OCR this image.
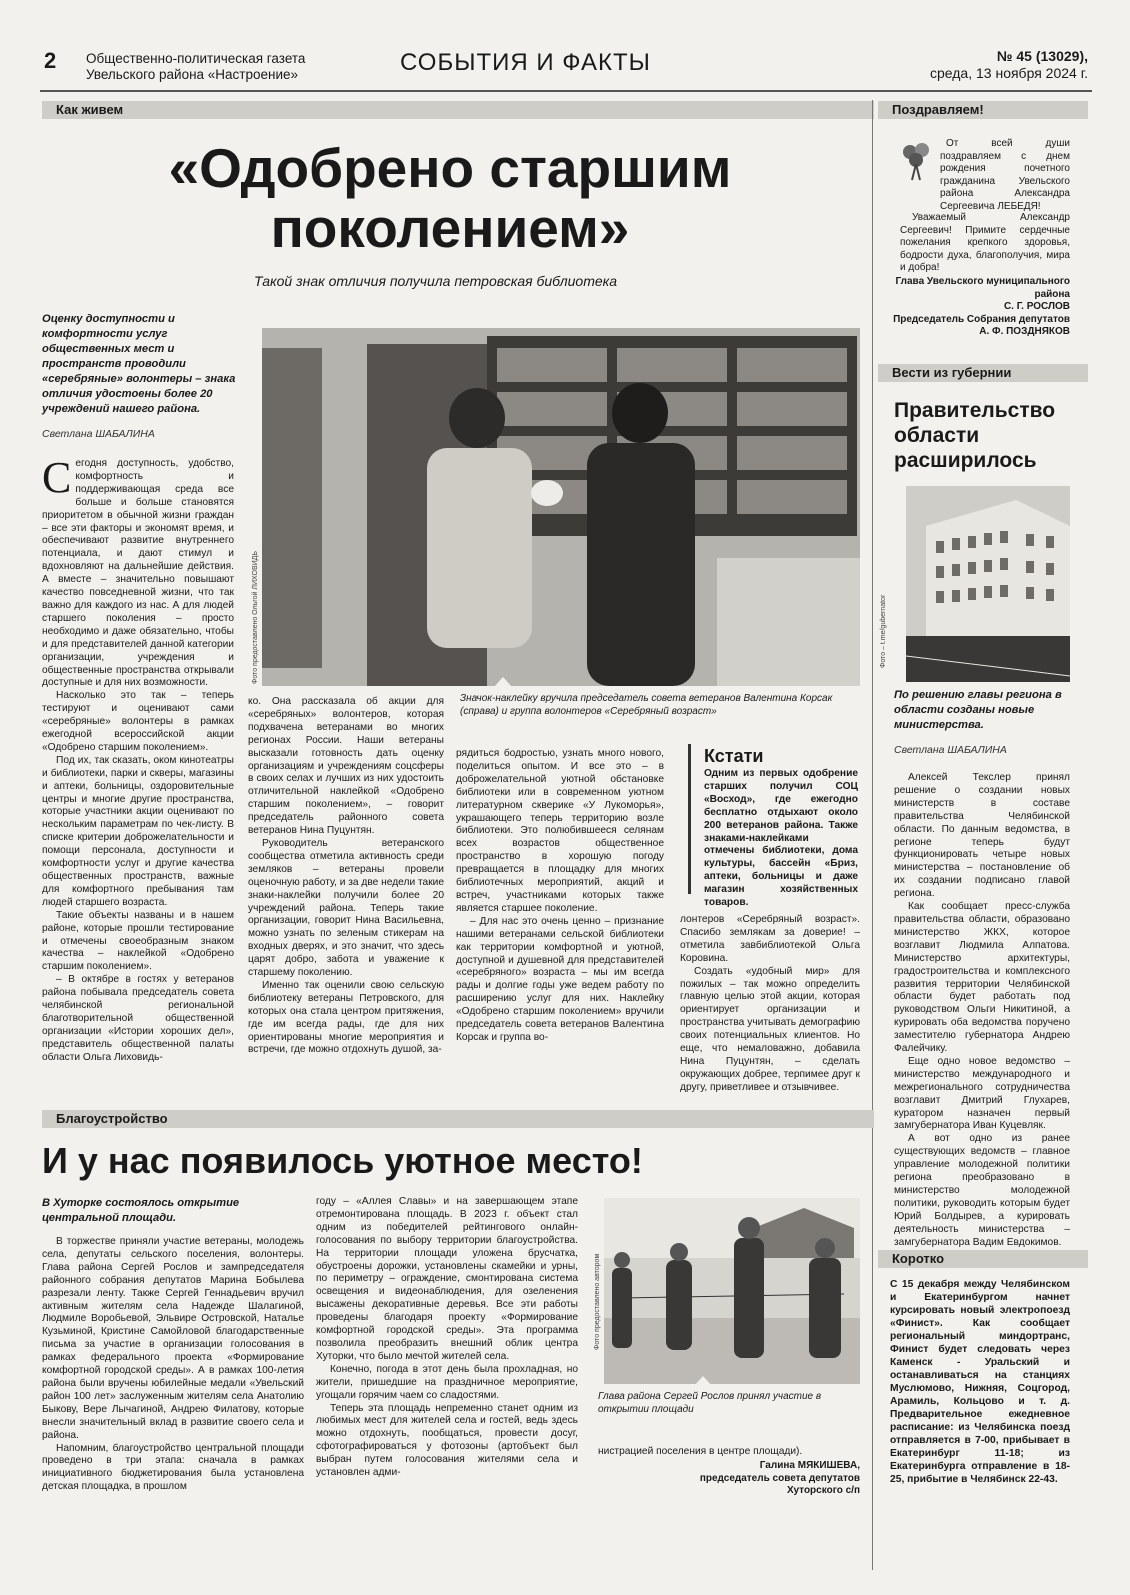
2 Общественно-политическая газета
Увельского района «Настроение»	СОБЫТИЯ И ФАКТЫ	№ 45 (13029),
среда, 13 ноября 2024 г.
Как живем
«Одобрено старшим
поколением»
Такой знак отличия получила петровская библиотека
Оценку доступности и комфортности услуг общественных мест и пространств проводили «серебряные» волонтеры – знака отличия удостоены более 20 учреждений нашего района.
Светлана ШАБАЛИНА
Фото предоставлено Ольгой ЛИХОВИДЬ
Значок-наклейку вручила председатель совета ветеранов Валентина Корсак (справа) и группа волонтеров «Серебряный возраст»

Сегодня доступность, удобство, комфортность и поддерживающая среда все больше и больше становятся приоритетом в обычной жизни граждан – все эти факторы и экономят время, и обеспечивают развитие внутреннего потенциала, и дают стимул и вдохновляют на дальнейшие действия. А вместе – значительно повышают качество повседневной жизни, что так важно для каждого из нас. А для людей старшего поколения – просто необходимо и даже обязательно, чтобы и для представителей данной категории организации, учреждения и общественные пространства открывали доступные и для них возможности.

Насколько это так – теперь тестируют и оценивают сами «серебряные» волонтеры в рамках ежегодной всероссийской акции «Одобрено старшим поколением».

Под их, так сказать, оком кинотеатры и библиотеки, парки и скверы, магазины и аптеки, больницы, оздоровительные центры и многие другие пространства, которые участники акции оценивают по нескольким параметрам по чек-листу. В списке критерии доброжелательности и помощи персонала, доступности и комфортности услуг и другие качества общественных пространств, важные для комфортного пребывания там людей старшего возраста.

Такие объекты названы и в нашем районе, которые прошли тестирование и отмечены своеобразным знаком качества – наклейкой «Одобрено старшим поколением».

– В октябре в гостях у ветеранов района побывала председатель совета челябинской региональной благотворительной общественной организации «Истории хороших дел», представитель общественной палаты области Ольга Лиховидь-

ко. Она рассказала об акции для «серебряных» волонтеров, которая подхвачена ветеранами во многих регионах России. Наши ветераны высказали готовность дать оценку организациям и учреждениям соцсферы в своих селах и лучших из них удостоить отличительной наклейкой «Одобрено старшим поколением», – говорит председатель районного совета ветеранов Нина Пуцунтян.

Руководитель ветеранского сообщества отметила активность среди земляков – ветераны провели оценочную работу, и за две недели такие знаки-наклейки получили более 20 учреждений района. Теперь такие организации, говорит Нина Васильевна, можно узнать по зеленым стикерам на входных дверях, и это значит, что здесь царят добро, забота и уважение к старшему поколению.

Именно так оценили свою сельскую библиотеку ветераны Петровского, для которых она стала центром притяжения, где им всегда рады, где для них ориентированы многие мероприятия и встречи, где можно отдохнуть душой, за-

рядиться бодростью, узнать много нового, поделиться опытом. И все это – в доброжелательной уютной обстановке библиотеки или в современном уютном литературном скверике «У Лукоморья», украшающего теперь территорию возле библиотеки. Это полюбившееся селянам всех возрастов общественное пространство в хорошую погоду превращается в площадку для многих библиотечных мероприятий, акций и встреч, участниками которых также является старшее поколение.

– Для нас это очень ценно – признание нашими ветеранами сельской библиотеки как территории комфортной и уютной, доступной и душевной для представителей «серебряного» возраста – мы им всегда рады и долгие годы уже ведем работу по расширению услуг для них. Наклейку «Одобрено старшим поколением» вручили председатель совета ветеранов Валентина Корсак и группа во-

Кстати
Одним из первых одобрение старших получил СОЦ «Восход», где ежегодно бесплатно отдыхают около 200 ветеранов района. Также знаками-наклейками отмечены библиотеки, дома культуры, бассейн «Бриз, аптеки, больницы и даже магазин хозяйственных товаров.

лонтеров «Серебряный возраст». Спасибо землякам за доверие! – отметила завбиблиотекой Ольга Коровина.

Создать «удобный мир» для пожилых – так можно определить главную целью этой акции, которая ориентирует организации и пространства учитывать демографию своих потенциальных клиентов. Но еще, что немаловажно, добавила Нина Пуцунтян, – сделать окружающих добрее, терпимее друг к другу, приветливее и отзывчивее.

Поздравляем!
От всей души поздравляем с днем рождения почетного гражданина Увельского района Александра Сергеевича ЛЕБЕДЯ!
Уважаемый Александр Сергеевич! Примите сердечные пожелания крепкого здоровья, бодрости духа, благополучия, мира и добра!
Глава Увельского муниципального района
С. Г. РОСЛОВ
Председатель Собрания депутатов
А. Ф. ПОЗДНЯКОВ
Вести из губернии
Правительство
области
расширилось
Фото – t.me/gubernator
По решению главы региона в области созданы новые министерства.
Светлана ШАБАЛИНА

Алексей Текслер принял решение о создании новых министерств в составе правительства Челябинской области. По данным ведомства, в регионе теперь будут функционировать четыре новых министерства – постановление об их создании подписано главой региона.

Как сообщает пресс-служба правительства области, образовано министерство ЖКХ, которое возглавит Людмила Алпатова. Министерство архитектуры, градостроительства и комплексного развития территории Челябинской области будет работать под руководством Ольги Никитиной, а курировать оба ведомства поручено заместителю губернатора Андрею Фалейчику.

Еще одно новое ведомство – министерство международного и межрегионального сотрудничества возглавит Дмитрий Глухарев, куратором назначен первый замгубернатора Иван Куцевляк.

А вот одно из ранее существующих ведомств – главное управление молодежной политики региона преобразовано в министерство молодежной политики, руководить которым будет Юрий Болдырев, а курировать деятельность министерства – замгубернатора Вадим Евдокимов.

Коротко
С 15 декабря между Челябинском и Екатеринбургом начнет курсировать новый электропоезд «Финист». Как сообщает региональный миндортранс, Финист будет следовать через Каменск - Уральский и останавливаться на станциях Муслюмово, Нижняя, Соцгород, Арамиль, Кольцово и т. д. Предварительное ежедневное расписание: из Челябинска поезд отправляется в 7-00, прибывает в Екатеринбург 11-18; из Екатеринбурга отправление в 18-25, прибытие в Челябинск 22-43.
Благоустройство
И у нас появилось уютное место!
В Хуторке состоялось открытие центральной площади.

В торжестве приняли участие ветераны, молодежь села, депутаты сельского поселения, волонтеры. Глава района Сергей Рослов и зампредседателя районного собрания депутатов Марина Бобылева разрезали ленту. Также Сергей Геннадьевич вручил активным жителям села Надежде Шалагиной, Людмиле Воробьевой, Эльвире Островской, Наталье Кузьминой, Кристине Самойловой благодарственные письма за участие в организации голосования в рамках федерального проекта «Формирование комфортной городской среды». А в рамках 100-летия района были вручены юбилейные медали «Увельский район 100 лет» заслуженным жителям села Анатолию Быкову, Вере Лычагиной, Андрею Филатову, которые внесли значительный вклад в развитие своего села и района.

Напомним, благоустройство центральной площади проведено в три этапа: сначала в рамках инициативного бюджетирования была установлена детская площадка, в прошлом

году – «Аллея Славы» и на завершающем этапе отремонтирована площадь. В 2023 г. объект стал одним из победителей рейтингового онлайн-голосования по выбору территории благоустройства. На территории площади уложена брусчатка, обустроены дорожки, установлены скамейки и урны, по периметру – ограждение, смонтирована система освещения и видеонаблюдения, для озеленения высажены декоративные деревья. Все эти работы проведены благодаря проекту «Формирование комфортной городской среды». Эта программа позволила преобразить внешний облик центра Хуторки, что было мечтой жителей села.

Конечно, погода в этот день была прохладная, но жители, пришедшие на праздничное мероприятие, угощали горячим чаем со сладостями.

Теперь эта площадь непременно станет одним из любимых мест для жителей села и гостей, ведь здесь можно отдохнуть, пообщаться, провести досуг, сфотографироваться у фотозоны (артобъект был выбран путем голосования жителями села и установлен адми-

Фото предоставлено автором
Глава района Сергей Рослов принял участие в открытии площади

нистрацией поселения в центре площади).

Галина МЯКИШЕВА,
председатель совета депутатов
Хуторского с/п
